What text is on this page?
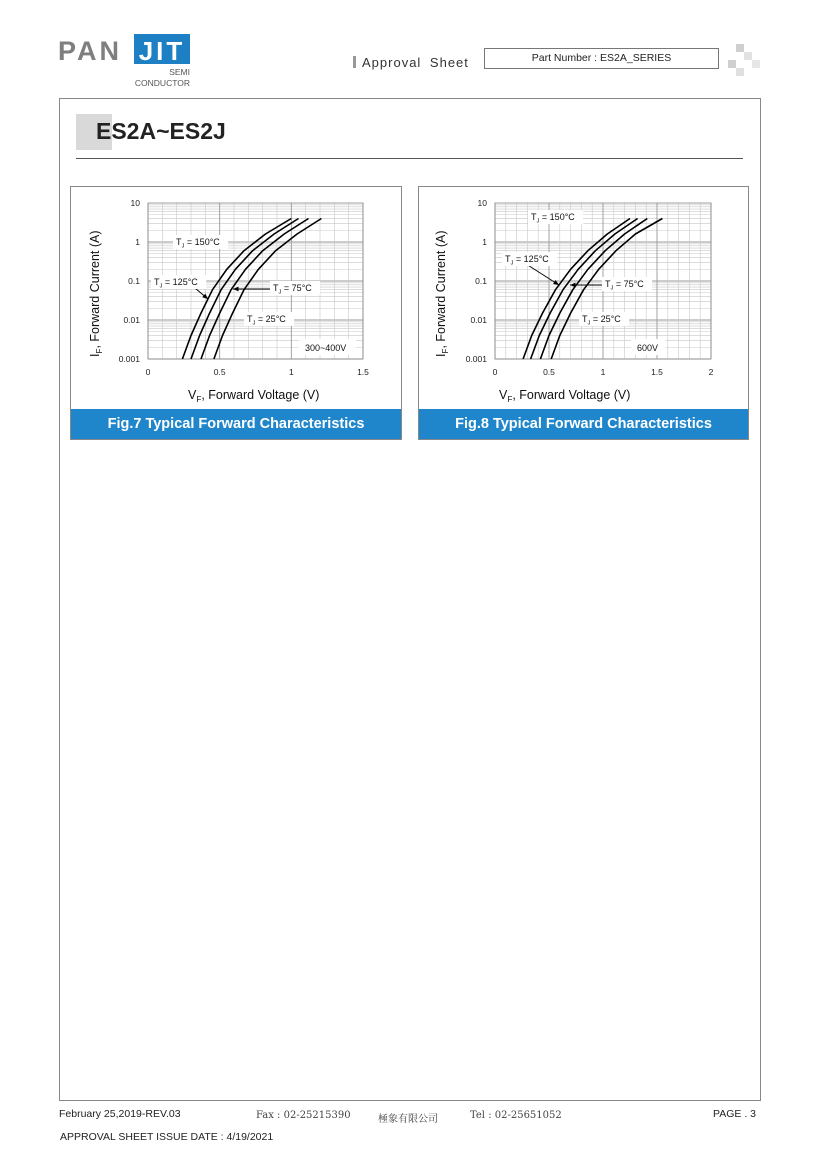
PAN JIT
SEMI
CONDUCTOR
Approval Sheet	Part Number : ES2A_SERIES
ES2A~ES2J
0.001
0.01
0.1
1
10
0	0.5	1	1.5
$V_F$, Forward Voltage (V)
$I_F$, Forward Current (A)	300~400V
$T_J = 150^\circ C$
$T_J = 125^\circ C$
$T_J = 75^\circ C$
$T_J = 25^\circ C$
Fig.7 Typical Forward Characteristics
0.001
0.01
0.1
1
10
0	0.5	1	1.5	2
$V_F$, Forward Voltage (V)
$I_F$, Forward Current (A)	600V
$T_J = 150^\circ C$
$T_J = 125^\circ C$
$T_J = 75^\circ C$
$T_J = 25^\circ C$
Fig.8 Typical Forward Characteristics
February 25,2019-REV.03	Fax : 02-25215390	極象有限公司	Tel : 02-25651052	PAGE . 3
APPROVAL SHEET ISSUE DATE : 4/19/2021
